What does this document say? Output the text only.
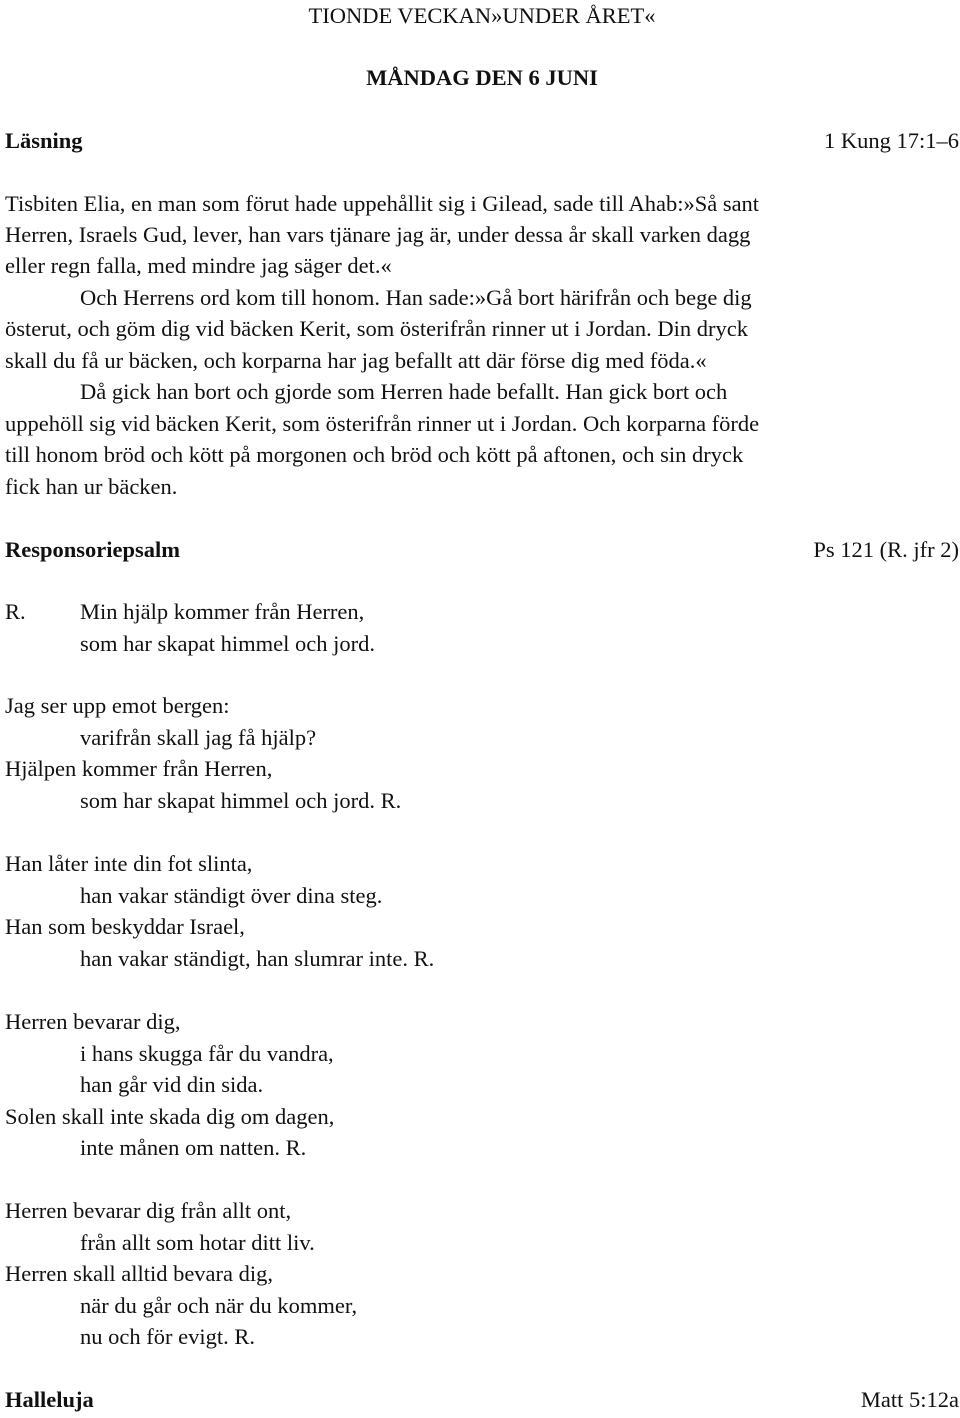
TIONDE VECKAN»UNDER ÅRET«
MÅNDAG DEN 6 JUNI
Läsning	1 Kung 17:1–6
Tisbiten Elia, en man som förut hade uppehållit sig i Gilead, sade till Ahab:»Så sant
Herren, Israels Gud, lever, han vars tjänare jag är, under dessa år skall varken dagg
eller regn falla, med mindre jag säger det.«
Och Herrens ord kom till honom. Han sade:»Gå bort härifrån och bege dig
österut, och göm dig vid bäcken Kerit, som österifrån rinner ut i Jordan. Din dryck
skall du få ur bäcken, och korparna har jag befallt att där förse dig med föda.«
Då gick han bort och gjorde som Herren hade befallt. Han gick bort och
uppehöll sig vid bäcken Kerit, som österifrån rinner ut i Jordan. Och korparna förde
till honom bröd och kött på morgonen och bröd och kött på aftonen, och sin dryck
fick han ur bäcken.
Responsoriepsalm	Ps 121 (R. jfr 2)
R. Min hjälp kommer från Herren,
som har skapat himmel och jord.
Jag ser upp emot bergen:
varifrån skall jag få hjälp?
Hjälpen kommer från Herren,
som har skapat himmel och jord. R.
Han låter inte din fot slinta,
han vakar ständigt över dina steg.
Han som beskyddar Israel,
han vakar ständigt, han slumrar inte. R.
Herren bevarar dig,
i hans skugga får du vandra,
han går vid din sida.
Solen skall inte skada dig om dagen,
inte månen om natten. R.
Herren bevarar dig från allt ont,
från allt som hotar ditt liv.
Herren skall alltid bevara dig,
när du går och när du kommer,
nu och för evigt. R.
Halleluja	Matt 5:12a
